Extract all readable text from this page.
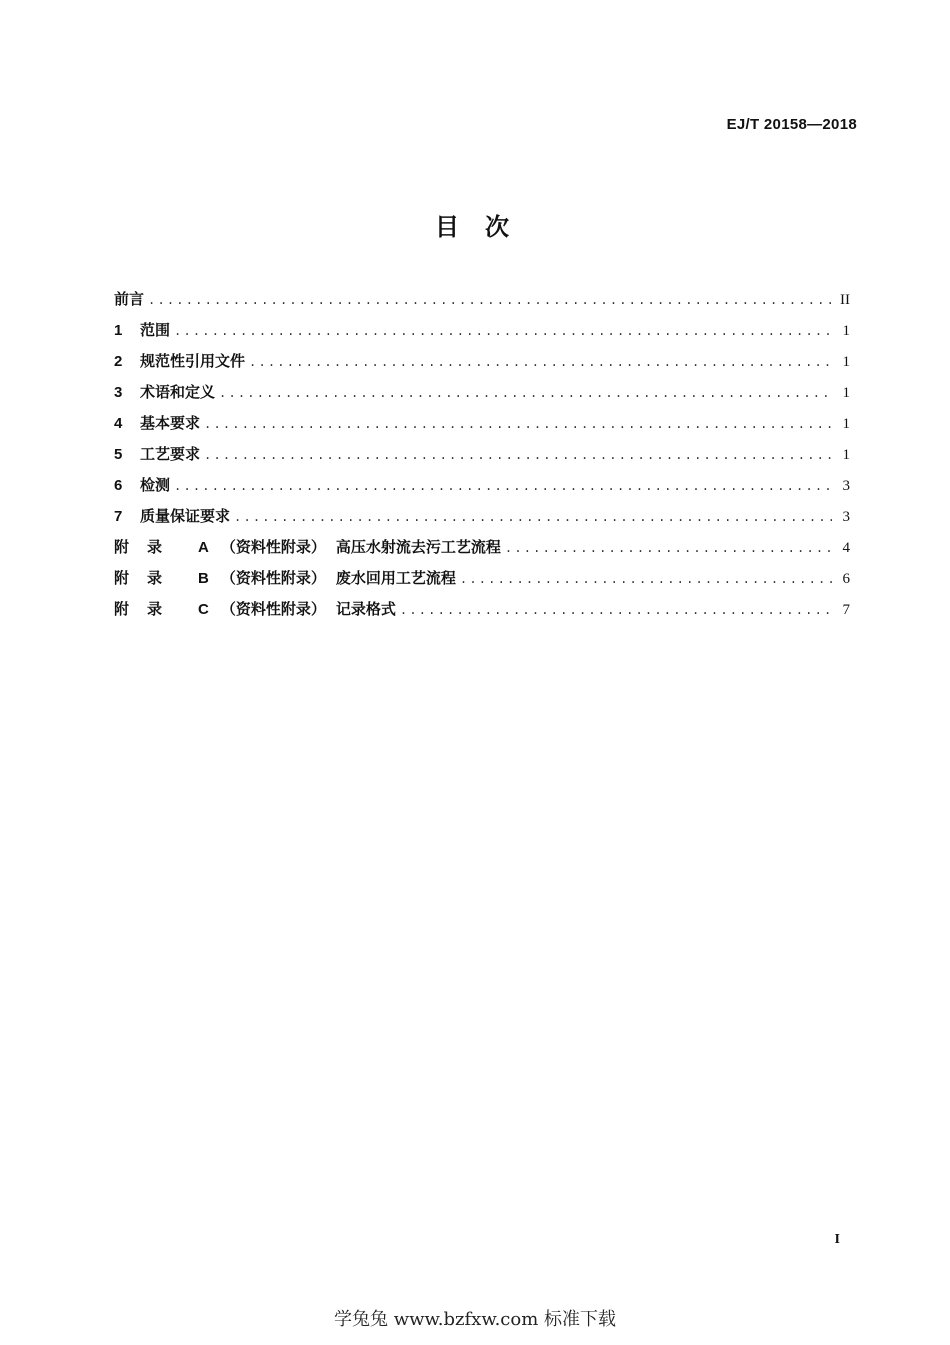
EJ/T 20158—2018
目次
前言 .....	II
1	范围 .....	1
2	规范性引用文件 .....	1
3	术语和定义 .....	1
4	基本要求 .....	1
5	工艺要求 .....	1
6	检测 .....	3
7	质量保证要求 .....	3
附录 A （资料性附录） 高压水射流去污工艺流程 .....	4
附录 B （资料性附录） 废水回用工艺流程 .....	6
附录 C （资料性附录） 记录格式 .....	7
I
学兔兔 www.bzfxw.com 标准下载
